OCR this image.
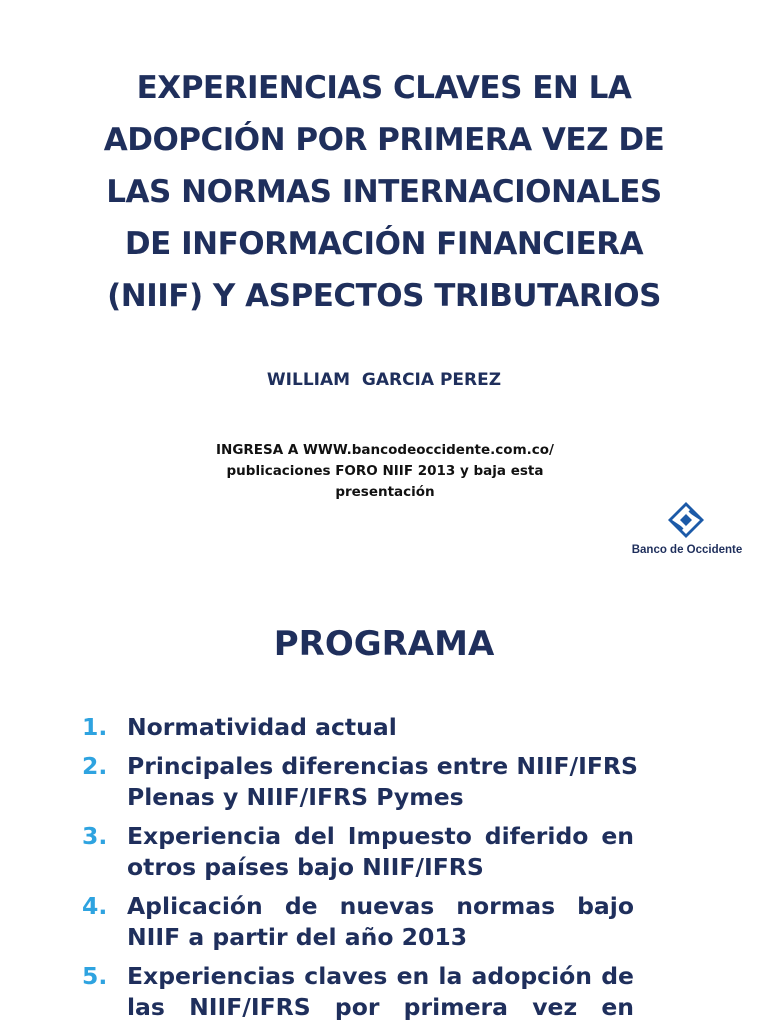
EXPERIENCIAS CLAVES EN LA
ADOPCIÓN POR PRIMERA VEZ DE
LAS NORMAS INTERNACIONALES
DE INFORMACIÓN FINANCIERA
(NIIF) Y ASPECTOS TRIBUTARIOS
WILLIAM  GARCIA PEREZ
INGRESA A WWW.bancodeoccidente.com.co/
publicaciones FORO NIIF 2013 y baja esta
presentación
Banco de Occidente
PROGRAMA
1. Normatividad actual
2. Principales diferencias entre NIIF/IFRS
Plenas y NIIF/IFRS Pymes
3. Experiencia del Impuesto diferido en
otros países bajo NIIF/IFRS
4. Aplicación de nuevas normas bajo
NIIF a partir del año 2013
5. Experiencias claves en la adopción de
las NIIF/IFRS por primera vez en
